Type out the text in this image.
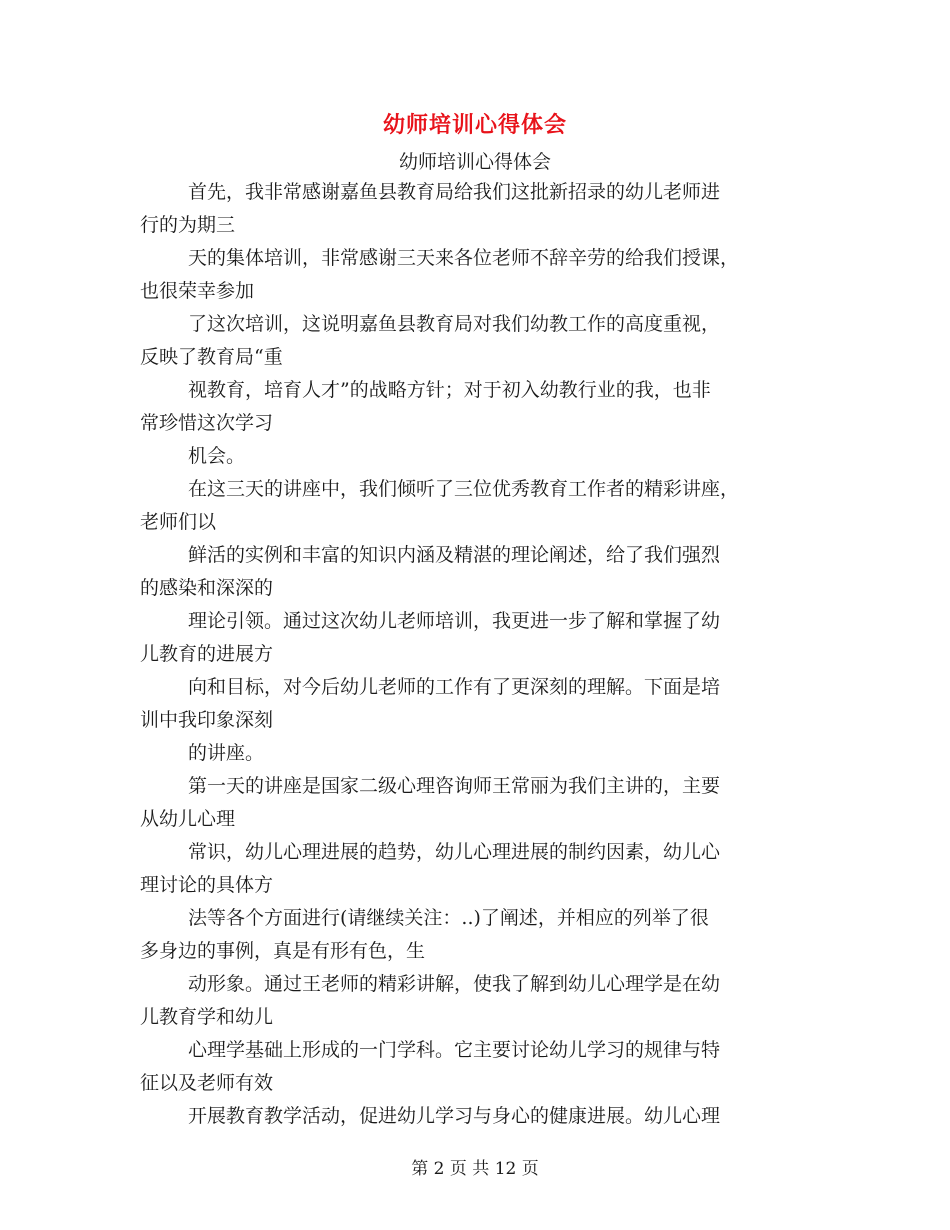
幼师培训心得体会
幼师培训心得体会
首先，我非常感谢嘉鱼县教育局给我们这批新招录的幼儿老师进
行的为期三
天的集体培训，非常感谢三天来各位老师不辞辛劳的给我们授课，
也很荣幸参加
了这次培训，这说明嘉鱼县教育局对我们幼教工作的高度重视，
反映了教育局“重
视教育，培育人才”的战略方针；对于初入幼教行业的我，也非
常珍惜这次学习
机会。
在这三天的讲座中，我们倾听了三位优秀教育工作者的精彩讲座，
老师们以
鲜活的实例和丰富的知识内涵及精湛的理论阐述，给了我们强烈
的感染和深深的
理论引领。通过这次幼儿老师培训，我更进一步了解和掌握了幼
儿教育的进展方
向和目标，对今后幼儿老师的工作有了更深刻的理解。下面是培
训中我印象深刻
的讲座。
第一天的讲座是国家二级心理咨询师王常丽为我们主讲的，主要
从幼儿心理
常识，幼儿心理进展的趋势，幼儿心理进展的制约因素，幼儿心
理讨论的具体方
法等各个方面进行(请继续关注：..)了阐述，并相应的列举了很
多身边的事例，真是有形有色，生
动形象。通过王老师的精彩讲解，使我了解到幼儿心理学是在幼
儿教育学和幼儿
心理学基础上形成的一门学科。它主要讨论幼儿学习的规律与特
征以及老师有效
开展教育教学活动，促进幼儿学习与身心的健康进展。幼儿心理
第 2 页 共 12 页
